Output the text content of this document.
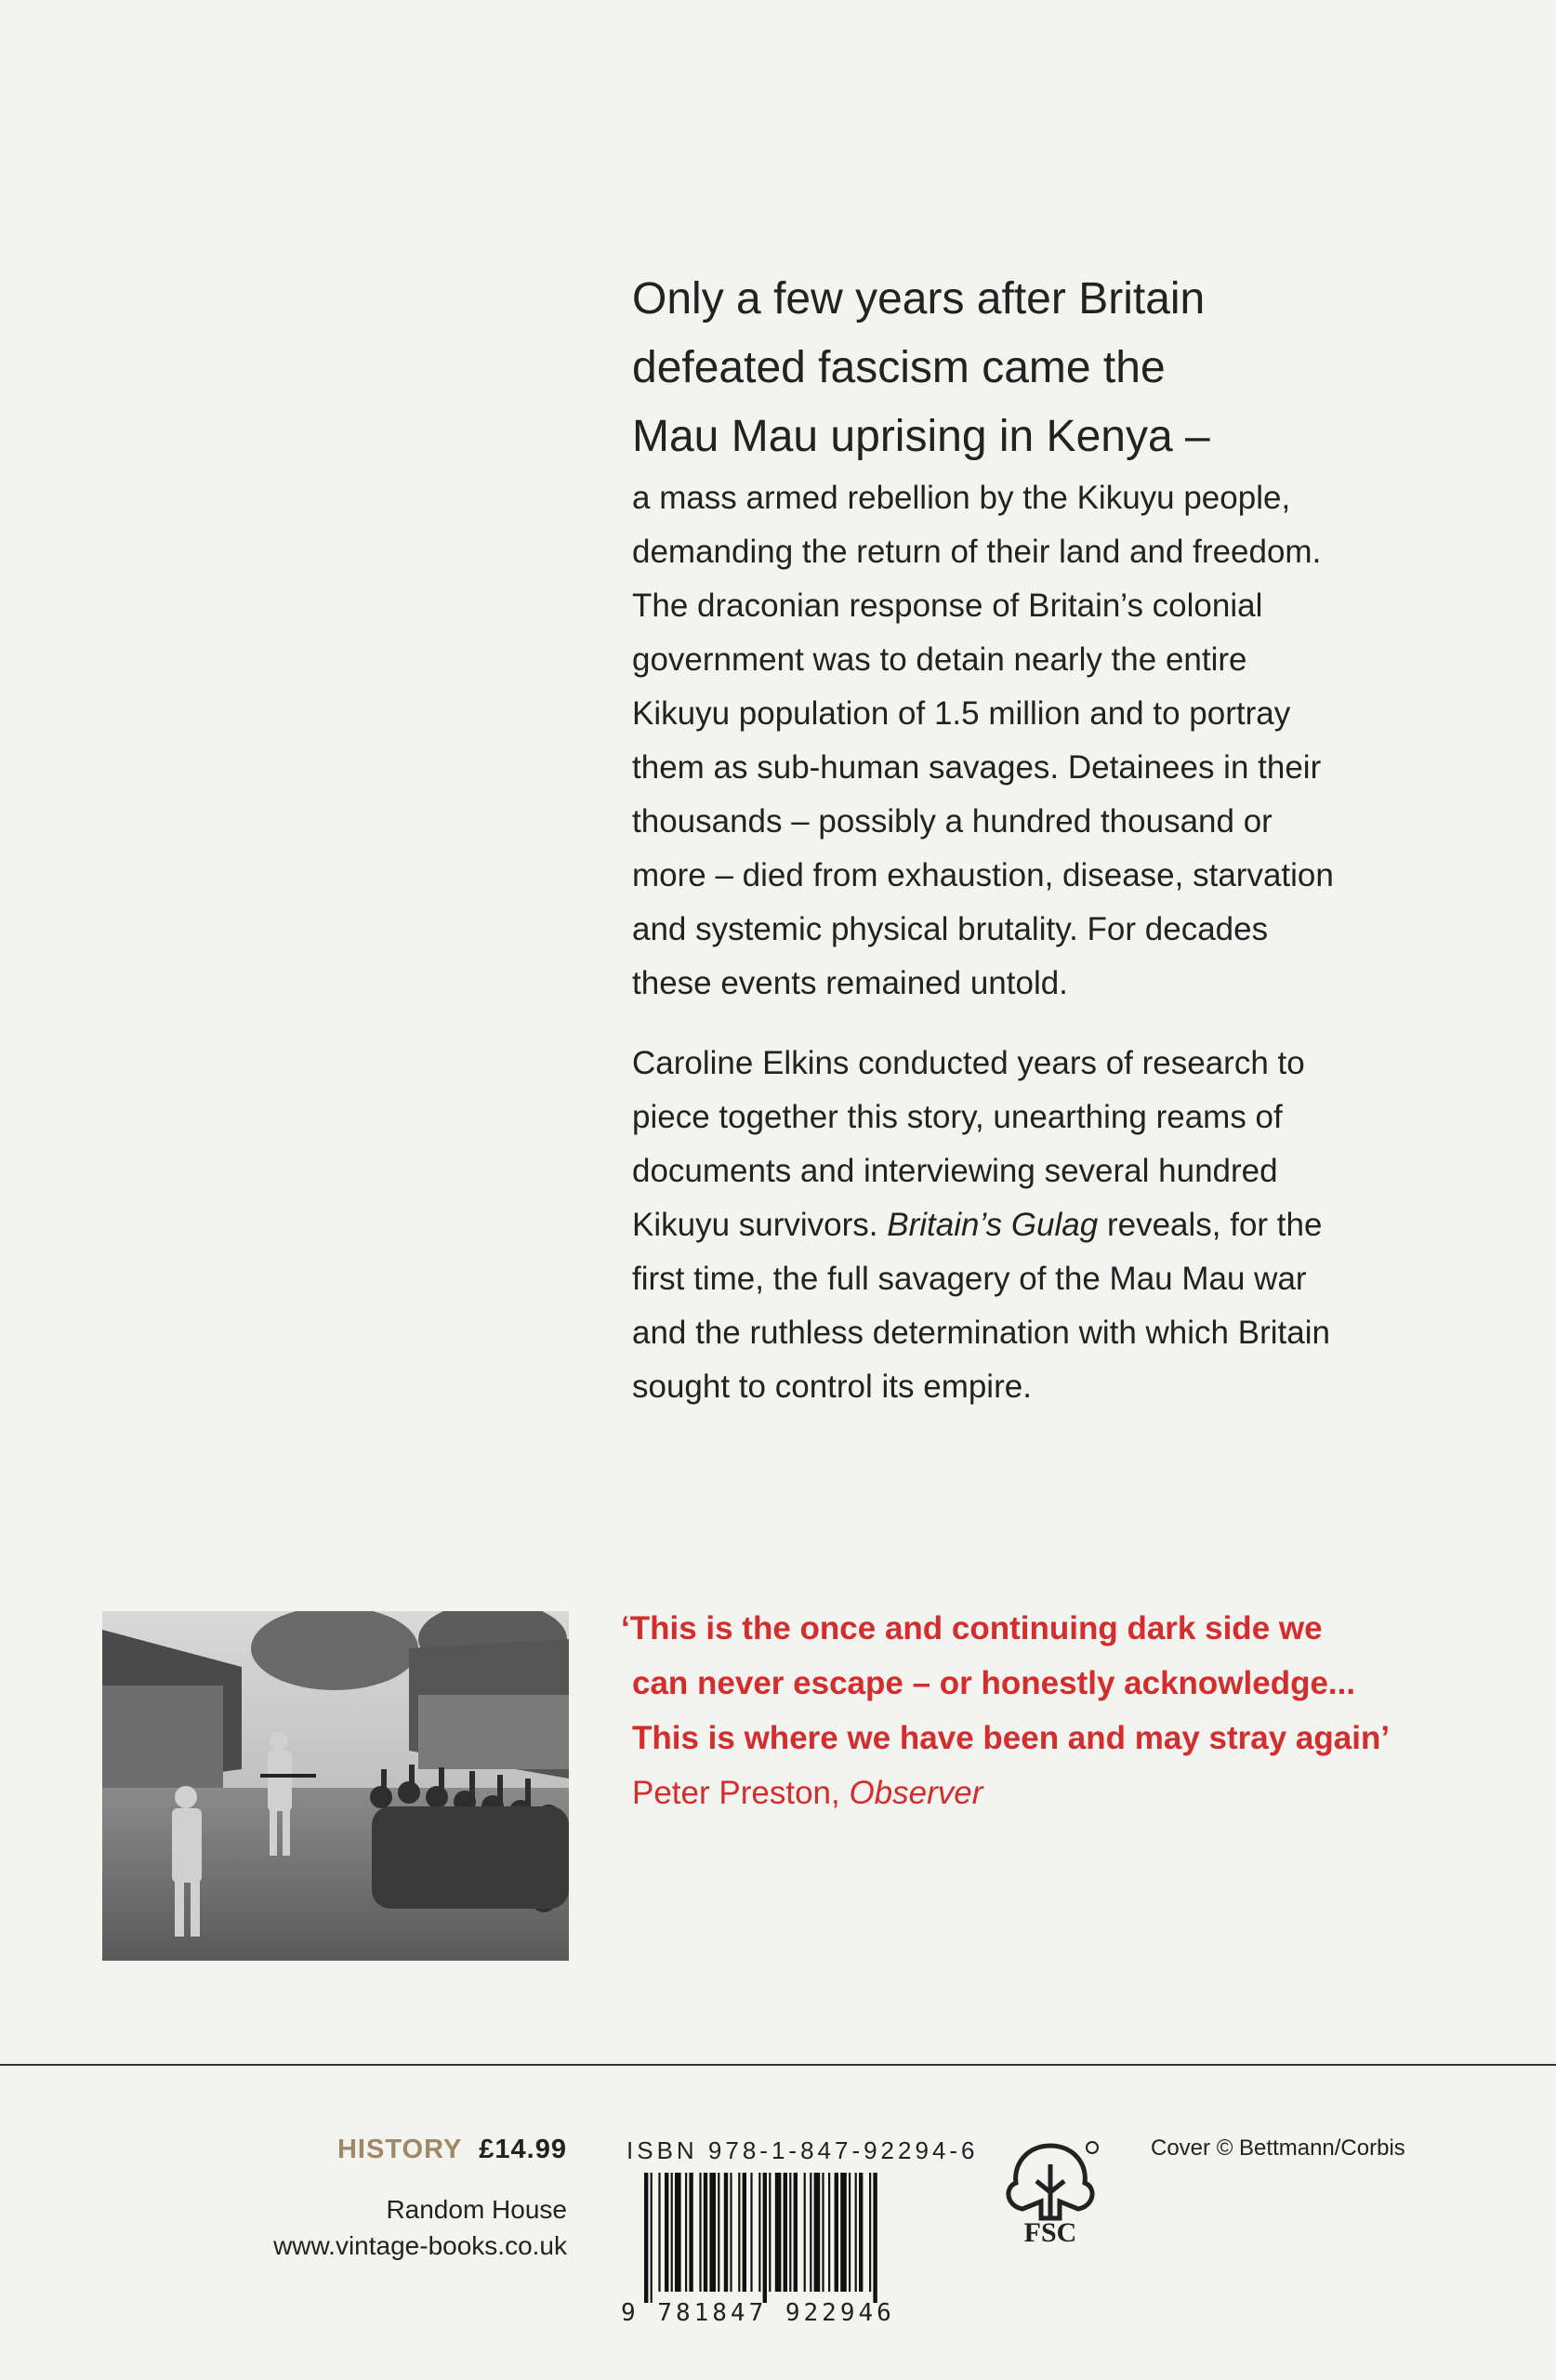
Only a few years after Britain
defeated fascism came the
Mau Mau uprising in Kenya –

a mass armed rebellion by the Kikuyu people,
demanding the return of their land and freedom.
The draconian response of Britain’s colonial
government was to detain nearly the entire
Kikuyu population of 1.5 million and to portray
them as sub-human savages. Detainees in their
thousands – possibly a hundred thousand or
more – died from exhaustion, disease, starvation
and systemic physical brutality. For decades
these events remained untold.

Caroline Elkins conducted years of research to
piece together this story, unearthing reams of
documents and interviewing several hundred
Kikuyu survivors. Britain’s Gulag reveals, for the
first time, the full savagery of the Mau Mau war
and the ruthless determination with which Britain
sought to control its empire.

‘This is the once and continuing dark side we
can never escape – or honestly acknowledge...
This is where we have been and may stray again’
Peter Preston, Observer
HISTORY £14.99
Random House
www.vintage-books.co.uk
ISBN 978-1-847-92294-6
9 781847 922946
FSC
Cover © Bettmann/Corbis
